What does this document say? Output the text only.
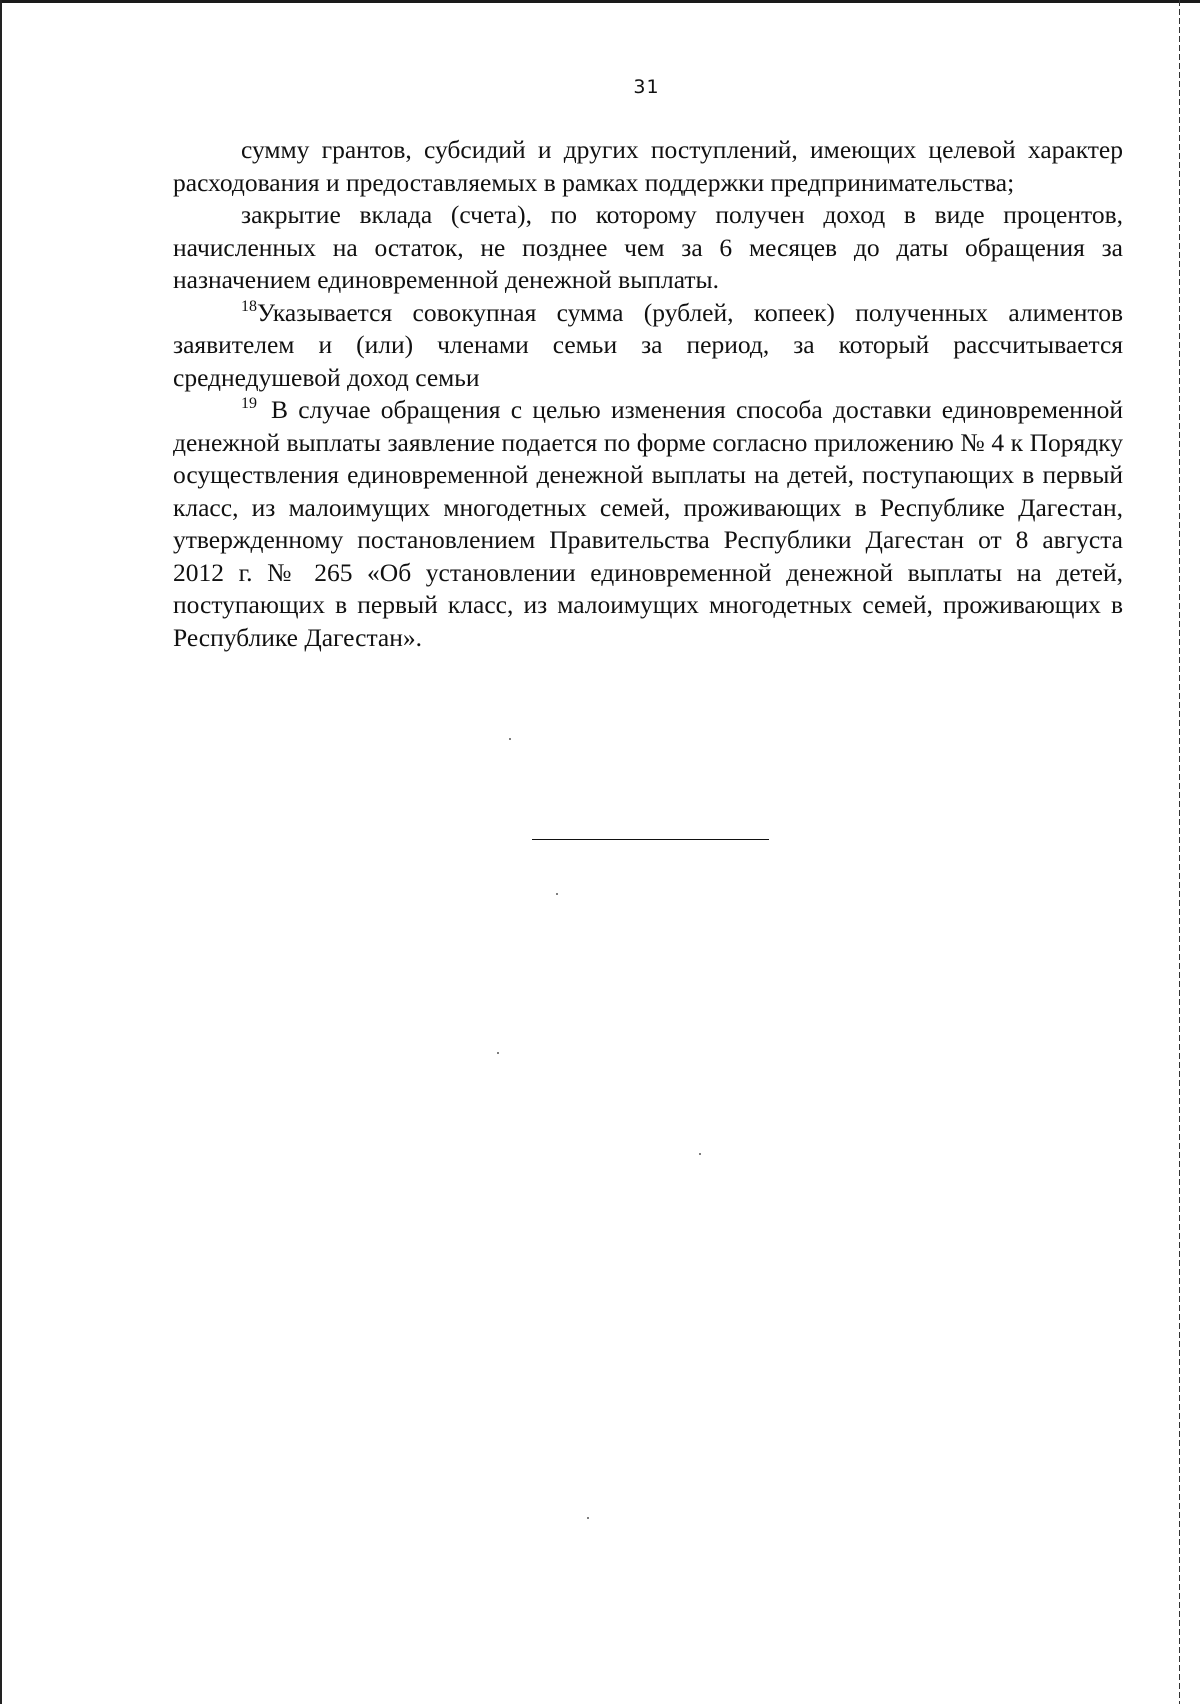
31

сумму грантов, субсидий и других поступлений, имеющих целевой характер расходования и предоставляемых в рамках поддержки предпринимательства;

закрытие вклада (счета), по которому получен доход в виде процентов, начисленных на остаток, не позднее чем за 6 месяцев до даты обращения за назначением единовременной денежной выплаты.

$^{18}$Указывается совокупная сумма (рублей, копеек) полученных алиментов заявителем и (или) членами семьи за период, за который рассчитывается среднедушевой доход семьи

$^{19}$ В случае обращения с целью изменения способа доставки единовременной денежной выплаты заявление подается по форме согласно приложению № 4 к Порядку осуществления единовременной денежной выплаты на детей, поступающих в первый класс, из малоимущих многодетных семей, проживающих в Республике Дагестан, утвержденному постановлением Правительства Республики Дагестан от 8 августа 2012 г. № 265 «Об установлении единовременной денежной выплаты на детей, поступающих в первый класс, из малоимущих многодетных семей, проживающих в Республике Дагестан».
